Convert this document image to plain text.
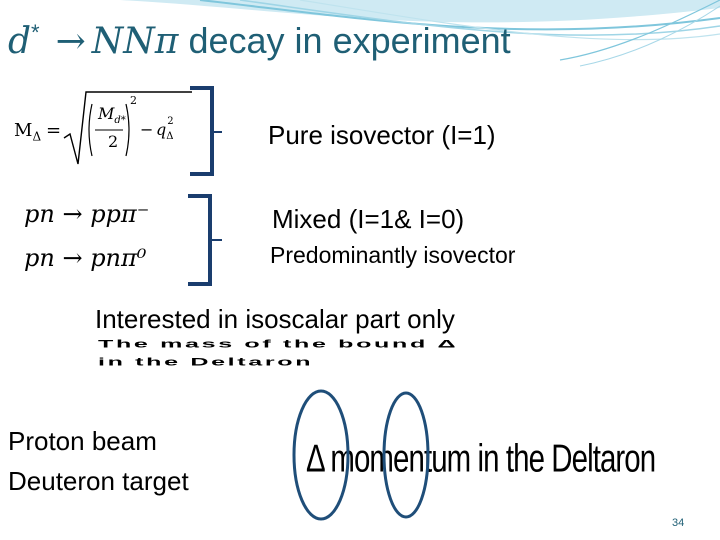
d* → NNπ decay in experiment
$M_\Delta$ =
$M_{d*}$
2
2
− q 2
$_\Delta$
pn → ppπ⁻
pn → pnπ⁰
Pure isovector (I=1)
Mixed (I=1& I=0)
Predominantly isovector
Interested in isoscalar part only
The mass of the bound Δ
in the Deltaron
Proton beam
Deuteron target
Δ momentum in the Deltaron
34
